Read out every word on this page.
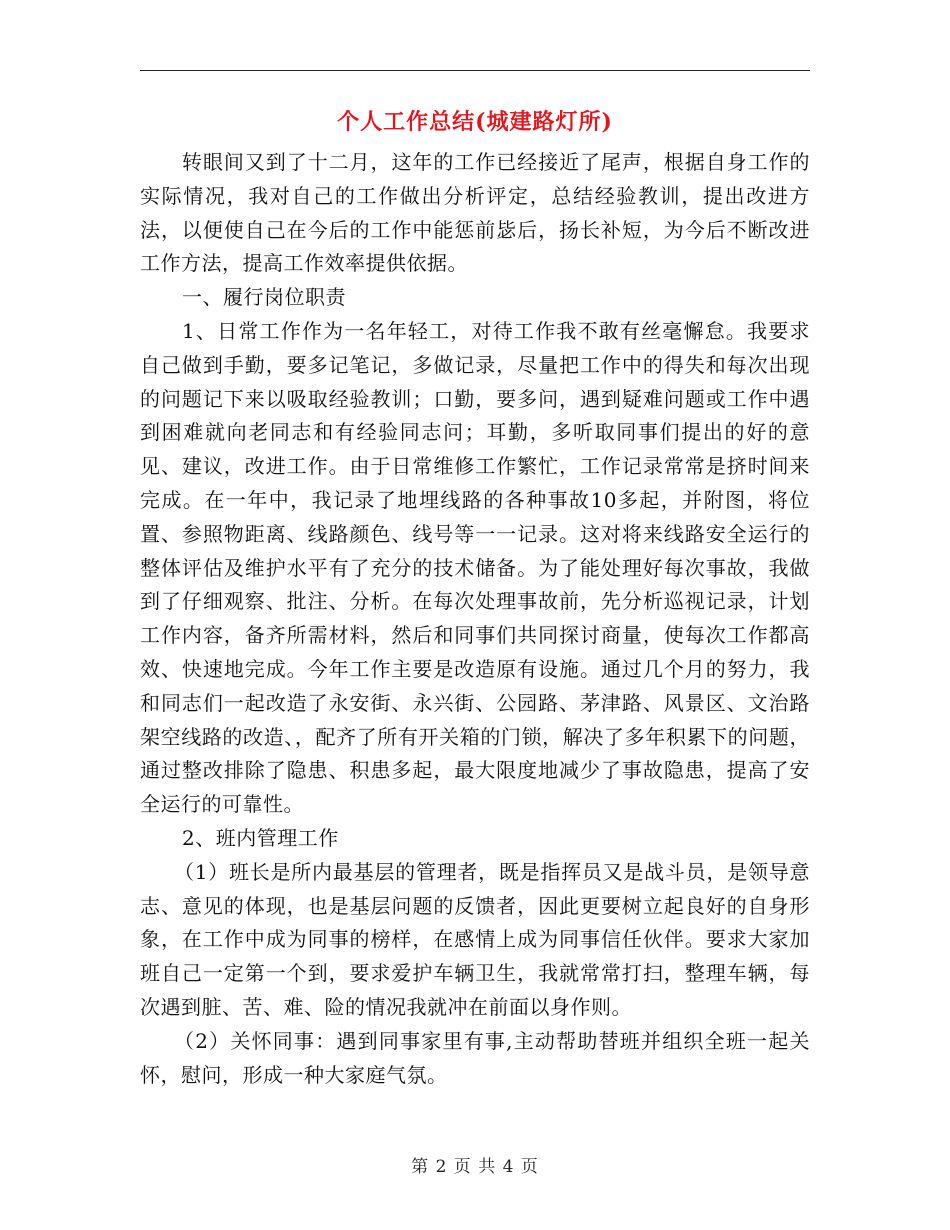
个人工作总结(城建路灯所)

转眼间又到了十二月，这年的工作已经接近了尾声，根据自身工作的实际情况，我对自己的工作做出分析评定，总结经验教训，提出改进方法，以便使自己在今后的工作中能惩前毖后，扬长补短，为今后不断改进工作方法，提高工作效率提供依据。

一、履行岗位职责

1、日常工作作为一名年轻工，对待工作我不敢有丝毫懈怠。我要求自己做到手勤，要多记笔记，多做记录，尽量把工作中的得失和每次出现的问题记下来以吸取经验教训；口勤，要多问，遇到疑难问题或工作中遇到困难就向老同志和有经验同志问；耳勤，多听取同事们提出的好的意见、建议，改进工作。由于日常维修工作繁忙，工作记录常常是挤时间来完成。在一年中，我记录了地埋线路的各种事故10多起，并附图，将位置、参照物距离、线路颜色、线号等一一记录。这对将来线路安全运行的整体评估及维护水平有了充分的技术储备。为了能处理好每次事故，我做到了仔细观察、批注、分析。在每次处理事故前，先分析巡视记录，计划工作内容，备齐所需材料，然后和同事们共同探讨商量，使每次工作都高效、快速地完成。今年工作主要是改造原有设施。通过几个月的努力，我和同志们一起改造了永安街、永兴街、公园路、茅津路、风景区、文治路架空线路的改造、，配齐了所有开关箱的门锁，解决了多年积累下的问题，通过整改排除了隐患、积患多起，最大限度地减少了事故隐患，提高了安全运行的可靠性。

2、班内管理工作

（1）班长是所内最基层的管理者，既是指挥员又是战斗员，是领导意志、意见的体现，也是基层问题的反馈者，因此更要树立起良好的自身形象，在工作中成为同事的榜样，在感情上成为同事信任伙伴。要求大家加班自己一定第一个到，要求爱护车辆卫生，我就常常打扫，整理车辆，每次遇到脏、苦、难、险的情况我就冲在前面以身作则。

（2）关怀同事：遇到同事家里有事,主动帮助替班并组织全班一起关怀，慰问，形成一种大家庭气氛。

第 2 页 共 4 页
